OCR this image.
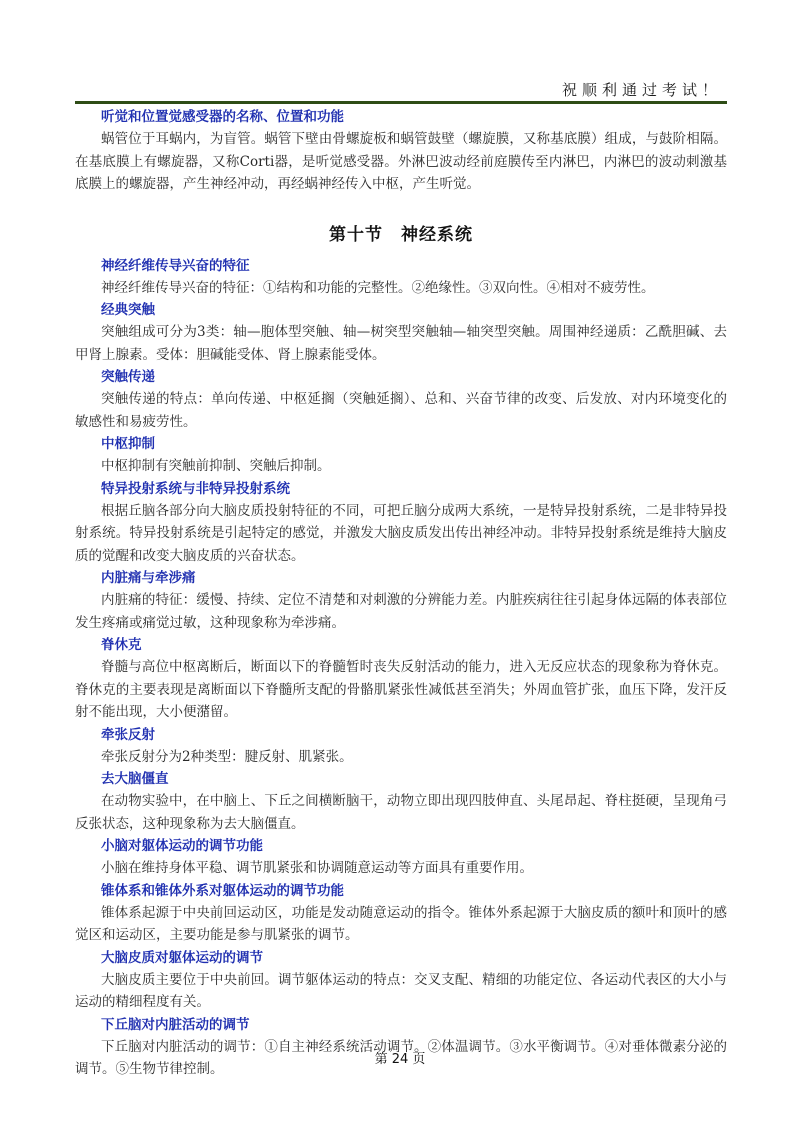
祝顺利通过考试！
听觉和位置觉感受器的名称、位置和功能

蜗管位于耳蜗内，为盲管。蜗管下壁由骨螺旋板和蜗管鼓壁（螺旋膜，又称基底膜）组成，与鼓阶相隔。在基底膜上有螺旋器，又称Corti器，是听觉感受器。外淋巴波动经前庭膜传至内淋巴，内淋巴的波动刺激基底膜上的螺旋器，产生神经冲动，再经蜗神经传入中枢，产生听觉。

第十节　神经系统
神经纤维传导兴奋的特征

神经纤维传导兴奋的特征：①结构和功能的完整性。②绝缘性。③双向性。④相对不疲劳性。

经典突触

突触组成可分为3类：轴—胞体型突触、轴—树突型突触轴—轴突型突触。周围神经递质：乙酰胆碱、去甲肾上腺素。受体：胆碱能受体、肾上腺素能受体。

突触传递

突触传递的特点：单向传递、中枢延搁（突触延搁）、总和、兴奋节律的改变、后发放、对内环境变化的敏感性和易疲劳性。

中枢抑制

中枢抑制有突触前抑制、突触后抑制。

特异投射系统与非特异投射系统

根据丘脑各部分向大脑皮质投射特征的不同，可把丘脑分成两大系统，一是特异投射系统，二是非特异投射系统。特异投射系统是引起特定的感觉，并激发大脑皮质发出传出神经冲动。非特异投射系统是维持大脑皮质的觉醒和改变大脑皮质的兴奋状态。

内脏痛与牵涉痛

内脏痛的特征：缓慢、持续、定位不清楚和对刺激的分辨能力差。内脏疾病往往引起身体远隔的体表部位发生疼痛或痛觉过敏，这种现象称为牵涉痛。

脊休克

脊髓与高位中枢离断后，断面以下的脊髓暂时丧失反射活动的能力，进入无反应状态的现象称为脊休克。脊休克的主要表现是离断面以下脊髓所支配的骨骼肌紧张性减低甚至消失；外周血管扩张，血压下降，发汗反射不能出现，大小便潴留。

牵张反射

牵张反射分为2种类型：腱反射、肌紧张。

去大脑僵直

在动物实验中，在中脑上、下丘之间横断脑干，动物立即出现四肢伸直、头尾昂起、脊柱挺硬，呈现角弓反张状态，这种现象称为去大脑僵直。

小脑对躯体运动的调节功能

小脑在维持身体平稳、调节肌紧张和协调随意运动等方面具有重要作用。

锥体系和锥体外系对躯体运动的调节功能

锥体系起源于中央前回运动区，功能是发动随意运动的指令。锥体外系起源于大脑皮质的额叶和顶叶的感觉区和运动区，主要功能是参与肌紧张的调节。

大脑皮质对躯体运动的调节

大脑皮质主要位于中央前回。调节躯体运动的特点：交叉支配、精细的功能定位、各运动代表区的大小与运动的精细程度有关。

下丘脑对内脏活动的调节

下丘脑对内脏活动的调节：①自主神经系统活动调节。②体温调节。③水平衡调节。④对垂体微素分泌的调节。⑤生物节律控制。

第 24 页
